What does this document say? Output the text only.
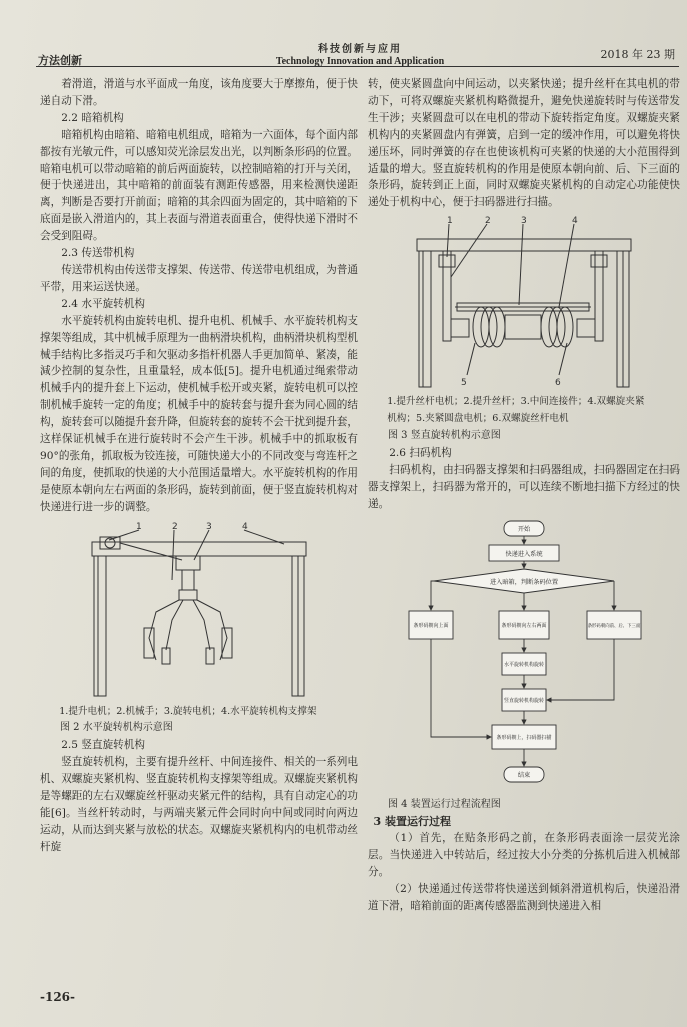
方法创新
科技创新与应用
Technology Innovation and Application
2018 年 23 期

着滑道，滑道与水平面成一角度，该角度要大于摩擦角，便于快递自动下滑。

2.2 暗箱机构

暗箱机构由暗箱、暗箱电机组成，暗箱为一六面体，每个面内部都按有光敏元件，可以感知荧光涂层发出光，以判断条形码的位置。暗箱电机可以带动暗箱的前后两面旋转，以控制暗箱的打开与关闭，便于快递进出，其中暗箱的前面装有测距传感器，用来检测快递距离，判断是否要打开前面；暗箱的其余四面为固定的，其中暗箱的下底面是嵌入滑道内的，其上表面与滑道表面重合，使得快递下滑时不会受到阻碍。

2.3 传送带机构

传送带机构由传送带支撑架、传送带、传送带电机组成，为普通平带，用来运送快递。

2.4 水平旋转机构

水平旋转机构由旋转电机、提升电机、机械手、水平旋转机构支撑架等组成，其中机械手原理为一曲柄滑块机构，曲柄滑块机构型机械手结构比多指灵巧手和欠驱动多指杆机器人手更加简单、紧凑，能減少控制的复杂性，且重量轻，成本低[5]。提升电机通过绳索带动机械手内的提升套上下运动，使机械手松开或夹紧，旋转电机可以控制机械手旋转一定的角度；机械手中的旋转套与提升套为同心圆的结构，旋转套可以随提升套升降，但旋转套的旋转不会干扰到提升套，这样保证机械手在进行旋转时不会产生干涉。机械手中的抓取板有90°的张角，抓取板为铰连接，可随快递大小的不同改变与弯连杆之间的角度，使抓取的快递的大小范围适量增大。水平旋转机构的作用是使原本朝向左右两面的条形码，旋转到前面，便于竖直旋转机构对快递进行进一步的调整。

1	2	3	4

1.提升电机；2.机械手；3.旋转电机；4.水平旋转机构支撑架

图 2 水平旋转机构示意图

2.5 竖直旋转机构

竖直旋转机构，主要有提升丝杆、中间连接件、相关的一系列电机、双螺旋夹紧机构、竖直旋转机构支撑架等组成。双螺旋夹紧机构是等螺距的左右双螺旋丝杆驱动夹紧元件的结构，具有自动定心的功能[6]。当丝杆转动时，与两端夹紧元件会同时向中间或同时向两边运动，从而达到夹紧与放松的状态。双螺旋夹紧机构内的电机带动丝杆旋

转，使夹紧圆盘向中间运动，以夹紧快递；提升丝杆在其电机的带动下，可将双螺旋夹紧机构略微提升，避免快递旋转时与传送带发生干涉；夹紧圆盘可以在电机的带动下旋转指定角度。双螺旋夹紧机构内的夹紧圆盘内有弹簧，启到一定的缓冲作用，可以避免将快递压坏，同时弹簧的存在也使该机构可夹紧的快递的大小范围得到适量的增大。竖直旋转机构的作用是使原本朝向前、后、下三面的条形码，旋转到正上面，同时双螺旋夹紧机构的自动定心功能使快递处于机构中心，便于扫码器进行扫描。

1	2	3	4
5	6

1.提升丝杆电机；2.提升丝杆；3.中间连接件；4.双螺旋夹紧

机构；5.夹紧圆盘电机；6.双螺旋丝杆电机

图 3 竖直旋转机构示意图

2.6 扫码机构

扫码机构，由扫码器支撑架和扫码器组成，扫码器固定在扫码器支撑架上，扫码器为常开的，可以连续不断地扫描下方经过的快递。

开始
快递进入系统
进入暗箱，判断条码位置
条形码朝向上面	条形码朝向左右两面	条形码朝向前、后、下三面
水平旋转机构旋转
竖直旋转机构旋转
条形码朝上，扫码器扫描
结束

图 4 装置运行过程流程图

3 装置运行过程

（1）首先，在贴条形码之前，在条形码表面涂一层荧光涂层。当快递进入中转站后，经过按大小分类的分拣机后进入机械部分。

（2）快递通过传送带将快递送到倾斜滑道机构后，快递沿滑道下滑，暗箱前面的距离传感器监测到快递进入相

-126-
